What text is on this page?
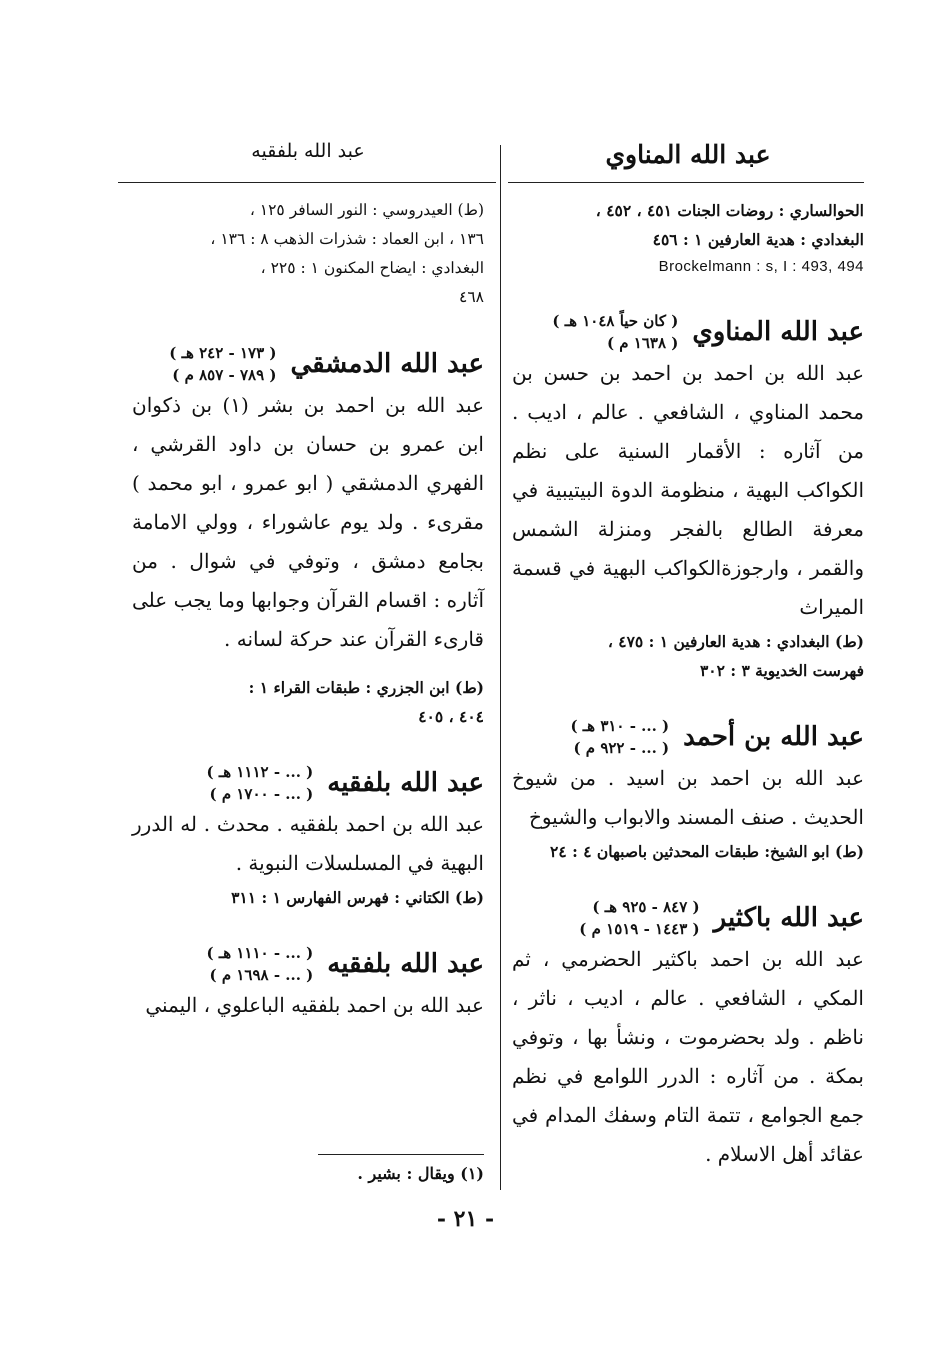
عبد الله المناوي
عبد الله بلفقيه

الحوالساري : روضات الجنات ٤٥١ ، ٤٥٢ ،

البغدادي : هدية العارفين ١ : ٤٥٦

Brockelmann : s, I : 493, 494

عبد الله المناوي
( كان حياً ١٠٤٨ هـ )
( ١٦٣٨ م )

عبد الله بن احمد بن احمد بن حسن بن محمد المناوي ، الشافعي . عالم ، اديب . من آثاره : الأقمار السنية على نظم الكواكب البهية ، منظومة الدوة البيتيبية في معرفة الطالع بالفجر ومنزلة الشمس والقمر ، وارجوزةالكواكب البهية في قسمة الميراث

(ط) البغدادي : هدية العارفين ١ : ٤٧٥ ،

فهرست الخديوية ٣ : ٣٠٢

عبد الله بن أحمد
( ... - ٣١٠ هـ )
( ... - ٩٢٢ م )

عبد الله بن احمد بن اسيد . من شيوخ الحديث . صنف المسند والابواب والشيوخ

(ط) ابو الشيخ: طبقات المحدثين باصبهان ٤ : ٢٤

عبد الله باكثير
( ٨٤٧ - ٩٢٥ هـ )
( ١٤٤٣ - ١٥١٩ م )

عبد الله بن احمد باكثير الحضرمي ، ثم المكي ، الشافعي . عالم ، اديب ، ناثر ، ناظم . ولد بحضرموت ، ونشأ بها ، وتوفي بمكة . من آثاره : الدرر اللوامع في نظم جمع الجوامع ، تتمة التام وسفك المدام في عقائد أهل الاسلام .

(ط) العيدروسي : النور السافر ١٢٥ ،

١٣٦ ، ابن العماد : شذرات الذهب ٨ : ١٣٦ ،

البغدادي : ايضاح المكنون ١ : ٢٢٥ ،

٤٦٨

عبد الله الدمشقي
( ١٧٣ - ٢٤٢ هـ )
( ٧٨٩ - ٨٥٧ م )

عبد الله بن احمد بن بشر (١) بن ذكوان ابن عمرو بن حسان بن داود القرشي ، الفهري الدمشقي ( ابو عمرو ، ابو محمد ) مقرىء . ولد يوم عاشوراء ، وولي الامامة بجامع دمشق ، وتوفي في شوال . من آثاره : اقسام القرآن وجوابها وما يجب على قارىء القرآن عند حركة لسانه .

(ط) ابن الجزري : طبقات القراء ١ :

٤٠٤ ، ٤٠٥

عبد الله بلفقيه
( ... - ١١١٢ هـ )
( ... - ١٧٠٠ م )

عبد الله بن احمد بلفقيه . محدث . له الدرر البهية في المسلسلات النبوية .

(ط) الكتاني : فهرس الفهارس ١ : ٣١١

عبد الله بلفقيه
( ... - ١١١٠ هـ )
( ... - ١٦٩٨ م )

عبد الله بن احمد بلفقيه الباعلوي ، اليمني

(١) ويقال : بشير .
- ٢١ -
